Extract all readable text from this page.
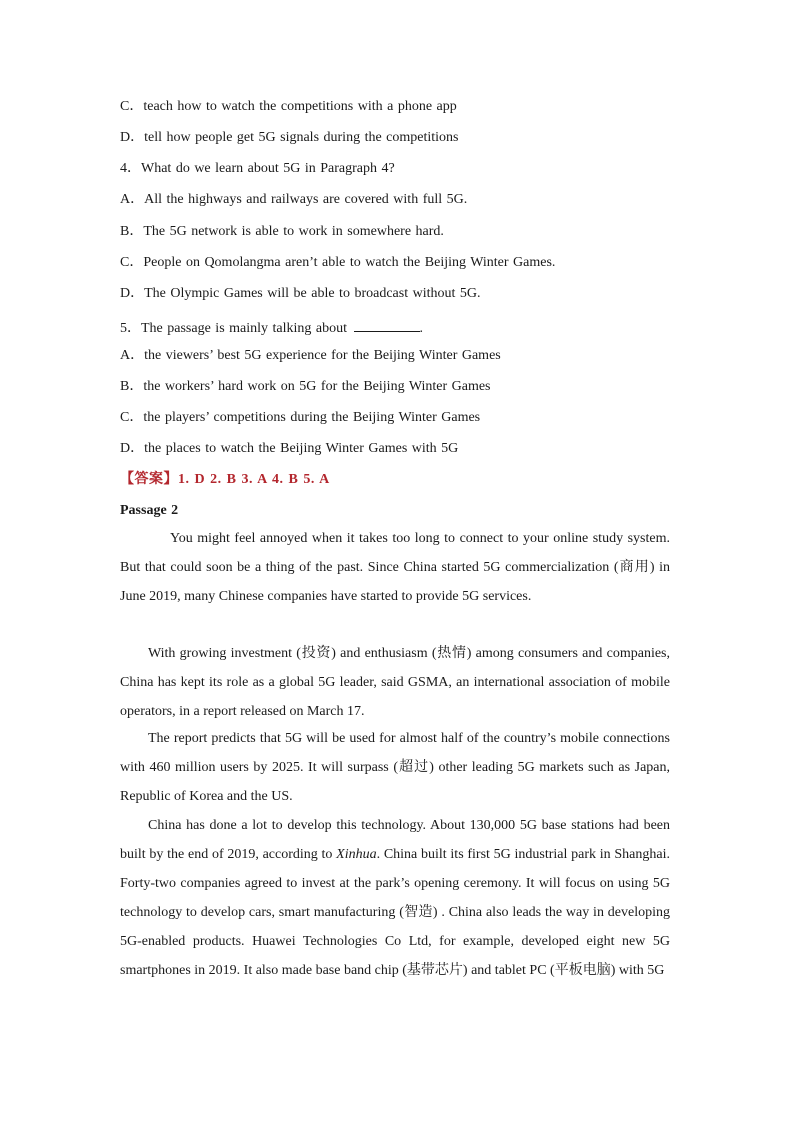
C．teach how to watch the competitions with a phone app
D．tell how people get 5G signals during the competitions
4．What do we learn about 5G in Paragraph 4?
A．All the highways and railways are covered with full 5G.
B．The 5G network is able to work in somewhere hard.
C．People on Qomolangma aren’t able to watch the Beijing Winter Games.
D．The Olympic Games will be able to broadcast without 5G.
5．The passage is mainly talking about	.
A．the viewers’ best 5G experience for the Beijing Winter Games
B．the workers’ hard work on 5G for the Beijing Winter Games
C．the players’ competitions during the Beijing Winter Games
D．the places to watch the Beijing Winter Games with 5G
【答案】1. D 2. B 3. A 4. B 5. A
Passage 2
You might feel annoyed when it takes too long to connect to your online study system. But that could soon be a thing of the past. Since China started 5G commercialization (商用) in June 2019, many Chinese companies have started to provide 5G services.
With growing investment (投资) and enthusiasm (热情) among consumers and companies, China has kept its role as a global 5G leader, said GSMA, an international association of mobile operators, in a report released on March 17.
The report predicts that 5G will be used for almost half of the country’s mobile connections with 460 million users by 2025. It will surpass (超过) other leading 5G markets such as Japan, Republic of Korea and the US.
China has done a lot to develop this technology. About 130,000 5G base stations had been built by the end of 2019, according to Xinhua. China built its first 5G industrial park in Shanghai. Forty-two companies agreed to invest at the park’s opening ceremony. It will focus on using 5G technology to develop cars, smart manufacturing (智造) . China also leads the way in developing 5G-enabled products. Huawei Technologies Co Ltd, for example, developed eight new 5G smartphones in 2019. It also made base band chip (基带芯片) and tablet PC (平板电脑) with 5G
